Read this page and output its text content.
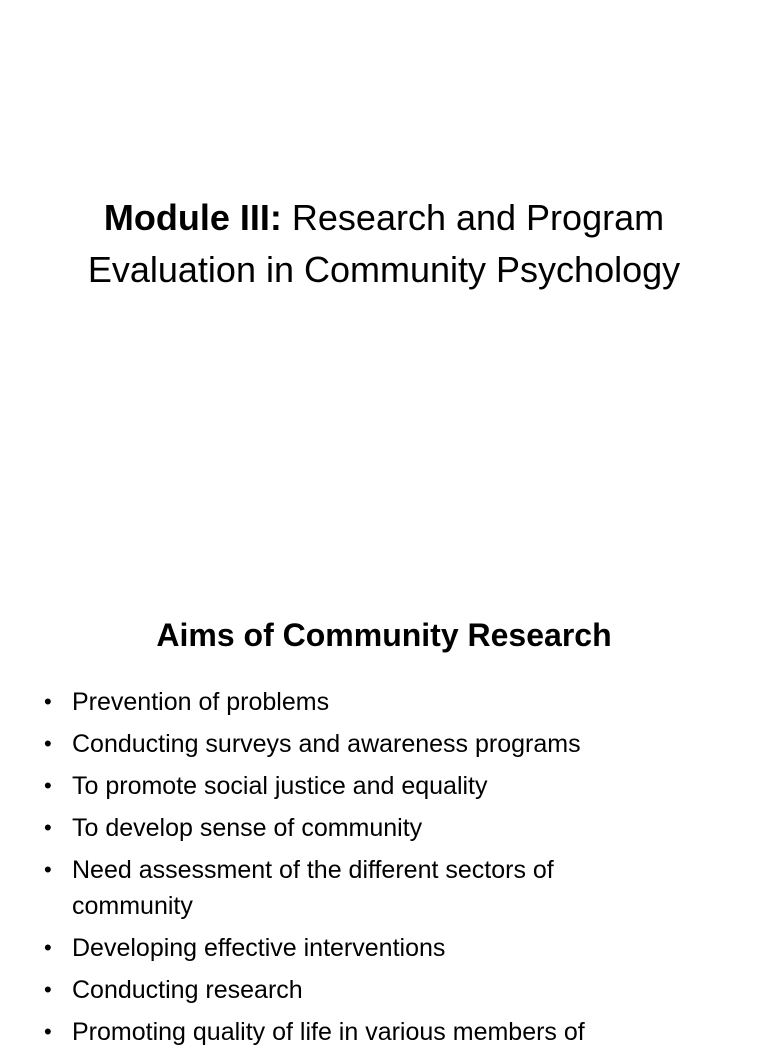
Module III: Research and Program
Evaluation in Community Psychology
Aims of Community Research
• Prevention of problems
• Conducting surveys and awareness programs
• To promote social justice and equality
• To develop sense of community
• Need assessment of the different sectors of
community
• Developing effective interventions
• Conducting research
• Promoting quality of life in various members of
